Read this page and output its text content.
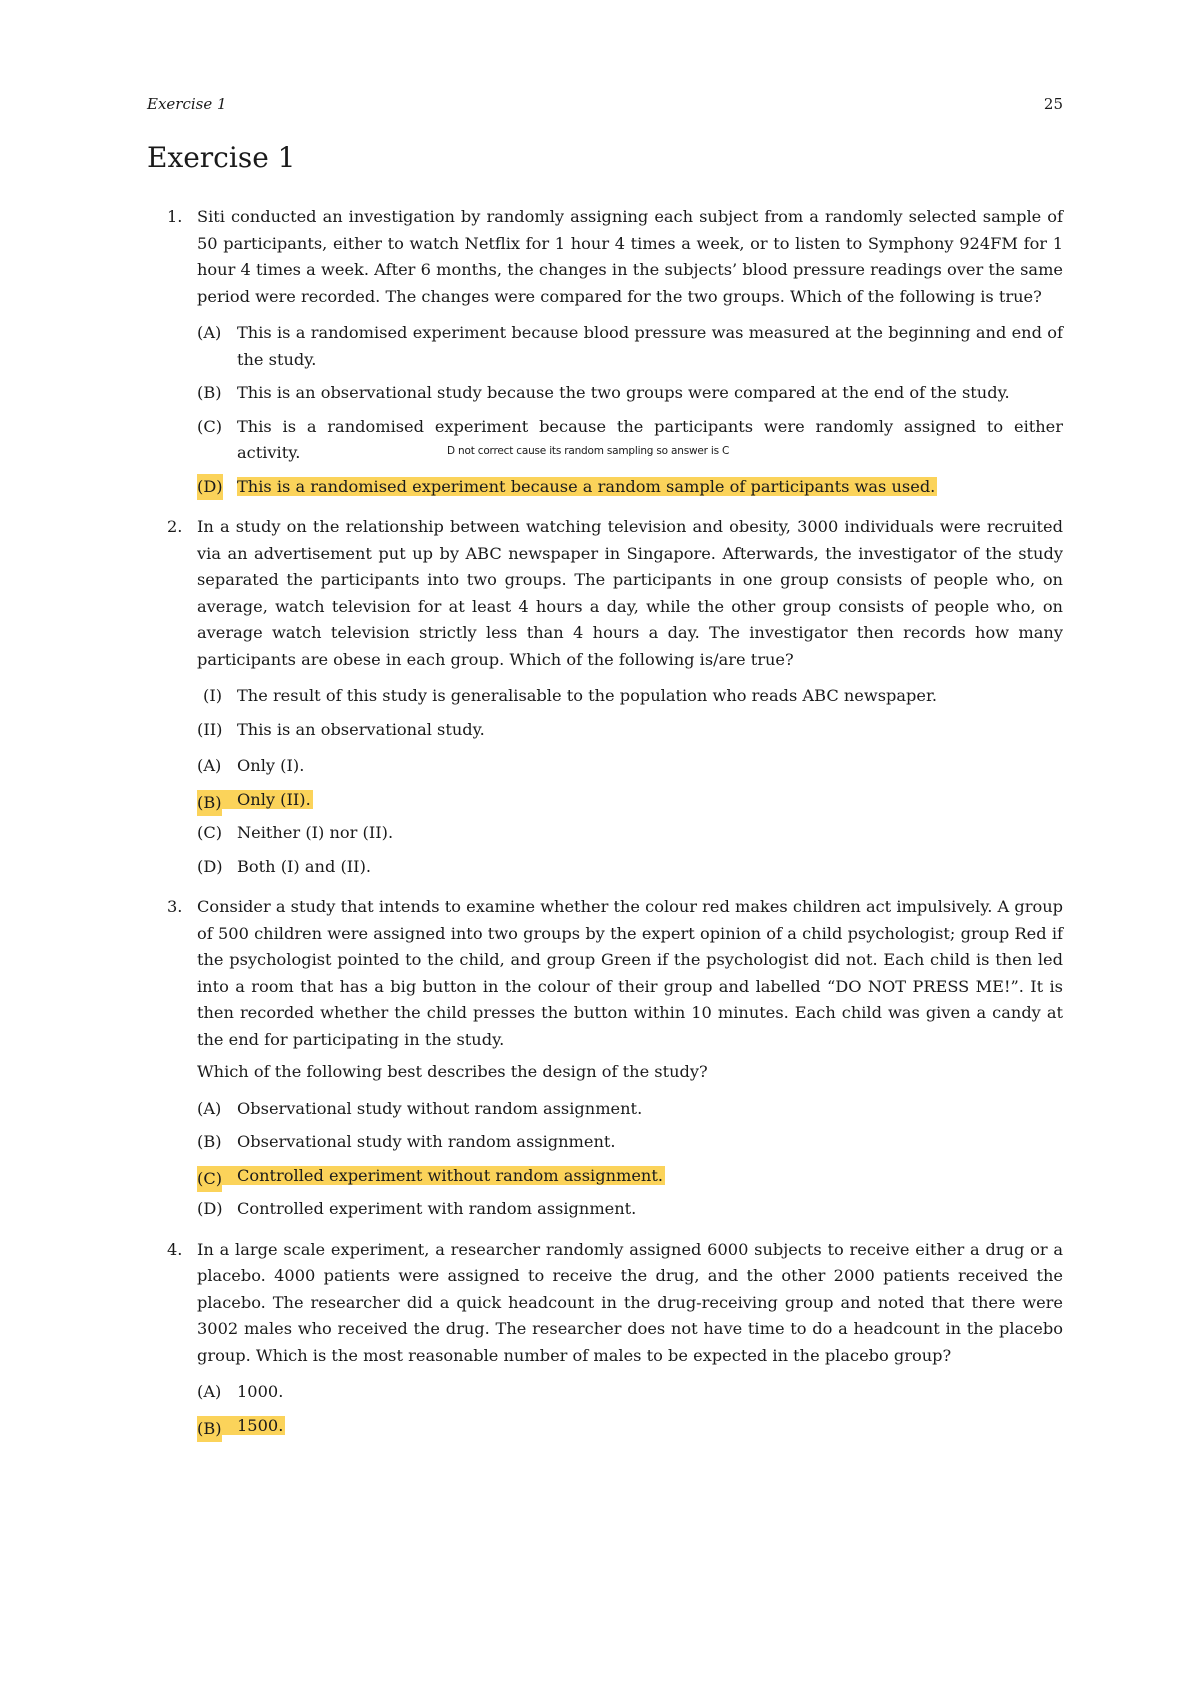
Exercise 1	25
Exercise 1
1. Siti conducted an investigation by randomly assigning each subject from a randomly selected sample of 50 participants, either to watch Netflix for 1 hour 4 times a week, or to listen to Symphony 924FM for 1 hour 4 times a week. After 6 months, the changes in the subjects’ blood pressure readings over the same period were recorded. The changes were compared for the two groups. Which of the following is true?

(A) This is a randomised experiment because blood pressure was measured at the beginning and end of the study.
(B) This is an observational study because the two groups were compared at the end of the study.
(C) This is a randomised experiment because the participants were randomly assigned to either activity.	D not correct cause its random sampling so answer is C
(D) This is a randomised experiment because a random sample of participants was used.
2. In a study on the relationship between watching television and obesity, 3000 individuals were recruited via an advertisement put up by ABC newspaper in Singapore. Afterwards, the investigator of the study separated the participants into two groups. The participants in one group consists of people who, on average, watch television for at least 4 hours a day, while the other group consists of people who, on average watch television strictly less than 4 hours a day. The investigator then records how many participants are obese in each group. Which of the following is/are true?

(I) The result of this study is generalisable to the population who reads ABC newspaper.
(II) This is an observational study.
(A) Only (I).
(B) Only (II).
(C) Neither (I) nor (II).
(D) Both (I) and (II).
3. Consider a study that intends to examine whether the colour red makes children act impulsively. A group of 500 children were assigned into two groups by the expert opinion of a child psychologist; group Red if the psychologist pointed to the child, and group Green if the psychologist did not. Each child is then led into a room that has a big button in the colour of their group and labelled “DO NOT PRESS ME!”. It is then recorded whether the child presses the button within 10 minutes. Each child was given a candy at the end for participating in the study.

Which of the following best describes the design of the study?

(A) Observational study without random assignment.
(B) Observational study with random assignment.
(C) Controlled experiment without random assignment.
(D) Controlled experiment with random assignment.
4. In a large scale experiment, a researcher randomly assigned 6000 subjects to receive either a drug or a placebo. 4000 patients were assigned to receive the drug, and the other 2000 patients received the placebo. The researcher did a quick headcount in the drug-receiving group and noted that there were 3002 males who received the drug. The researcher does not have time to do a headcount in the placebo group. Which is the most reasonable number of males to be expected in the placebo group?

(A) 1000.
(B) 1500.
